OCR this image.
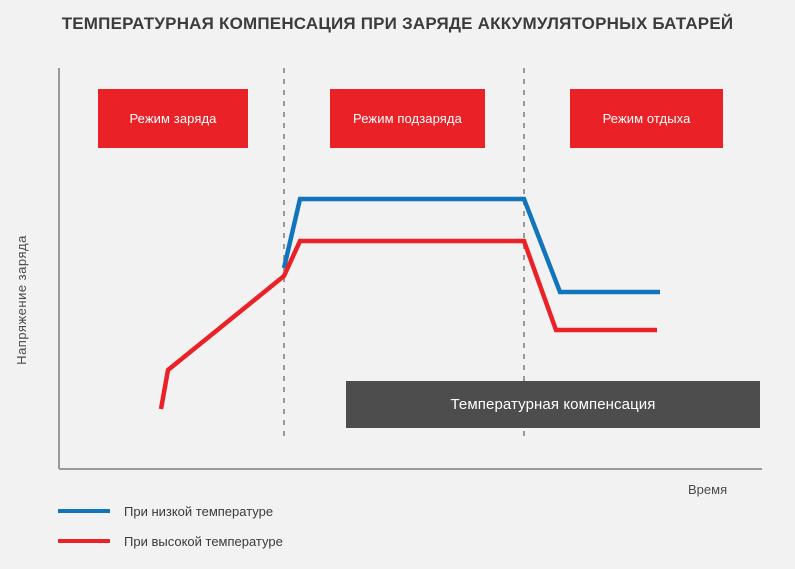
ТЕМПЕРАТУРНАЯ КОМПЕНСАЦИЯ ПРИ ЗАРЯДЕ АККУМУЛЯТОРНЫХ БАТАРЕЙ
Напряжение заряда
Время
Режим заряда	Режим подзаряда	Режим отдыха
Температурная компенсация
При низкой температуре
При высокой температуре
